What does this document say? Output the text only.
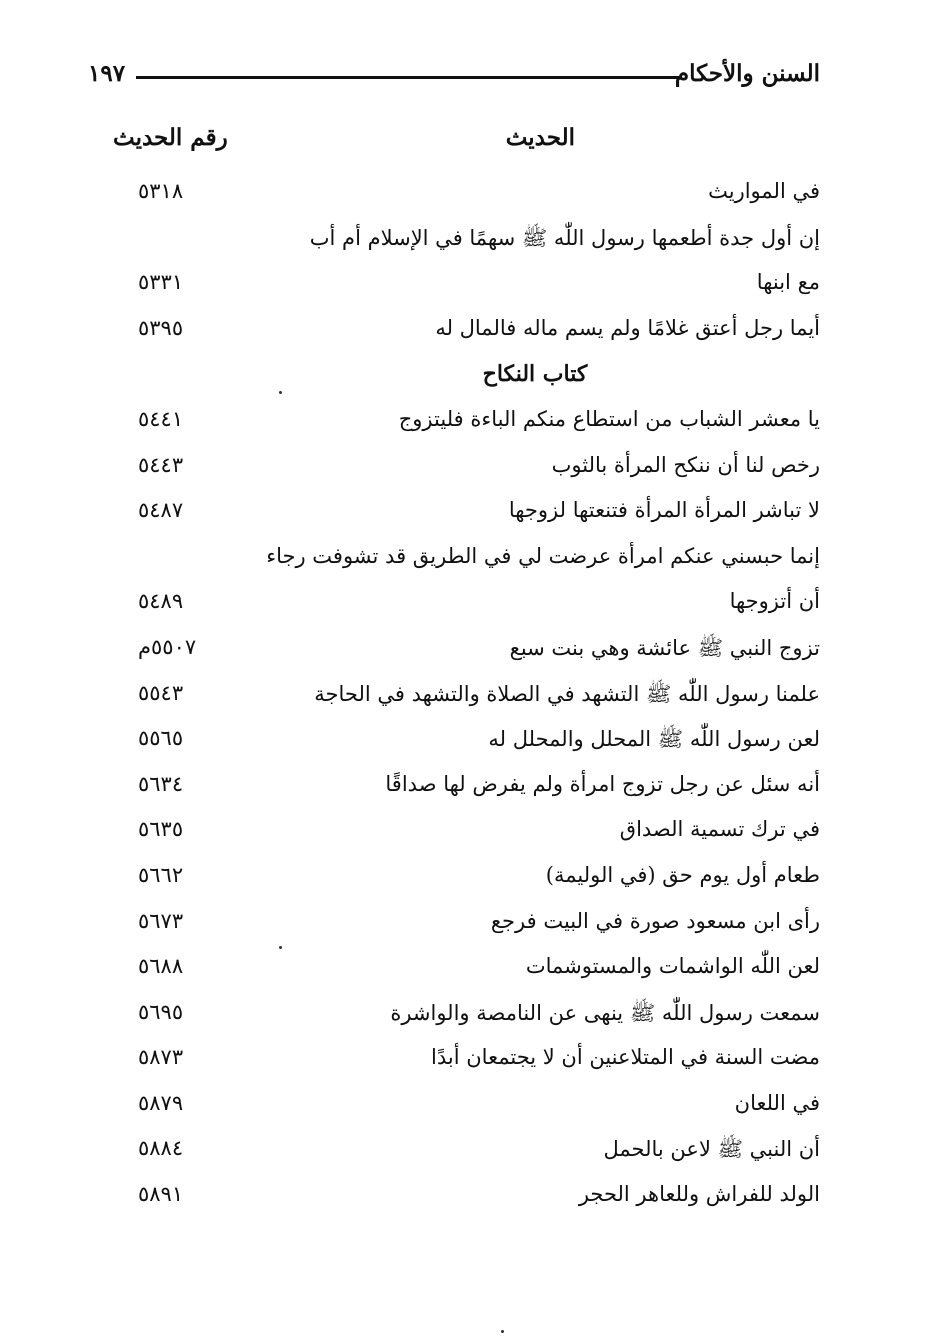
السنن والأحكام
١٩٧
الحديث
رقم الحديث
في المواريث
٥٣١٨
إن أول جدة أطعمها رسول اللّٰه ﷺ سهمًا في الإسلام أم أب
مع ابنها
٥٣٣١
أيما رجل أعتق غلامًا ولم يسم ماله فالمال له
٥٣٩٥
كتاب النكاح
يا معشر الشباب من استطاع منكم الباءة فليتزوج
٥٤٤١
رخص لنا أن ننكح المرأة بالثوب
٥٤٤٣
لا تباشر المرأة المرأة فتنعتها لزوجها
٥٤٨٧
إنما حبسني عنكم امرأة عرضت لي في الطريق قد تشوفت رجاء
أن أتزوجها
٥٤٨٩
تزوج النبي ﷺ عائشة وهي بنت سبع
٥٥٠٧م
علمنا رسول اللّٰه ﷺ التشهد في الصلاة والتشهد في الحاجة
٥٥٤٣
لعن رسول اللّٰه ﷺ المحلل والمحلل له
٥٥٦٥
أنه سئل عن رجل تزوج امرأة ولم يفرض لها صداقًا
٥٦٣٤
في ترك تسمية الصداق
٥٦٣٥
طعام أول يوم حق (في الوليمة)
٥٦٦٢
رأى ابن مسعود صورة في البيت فرجع
٥٦٧٣
لعن اللّٰه الواشمات والمستوشمات
٥٦٨٨
سمعت رسول اللّٰه ﷺ ينهى عن النامصة والواشرة
٥٦٩٥
مضت السنة في المتلاعنين أن لا يجتمعان أبدًا
٥٨٧٣
في اللعان
٥٨٧٩
أن النبي ﷺ لاعن بالحمل
٥٨٨٤
الولد للفراش وللعاهر الحجر
٥٨٩١
